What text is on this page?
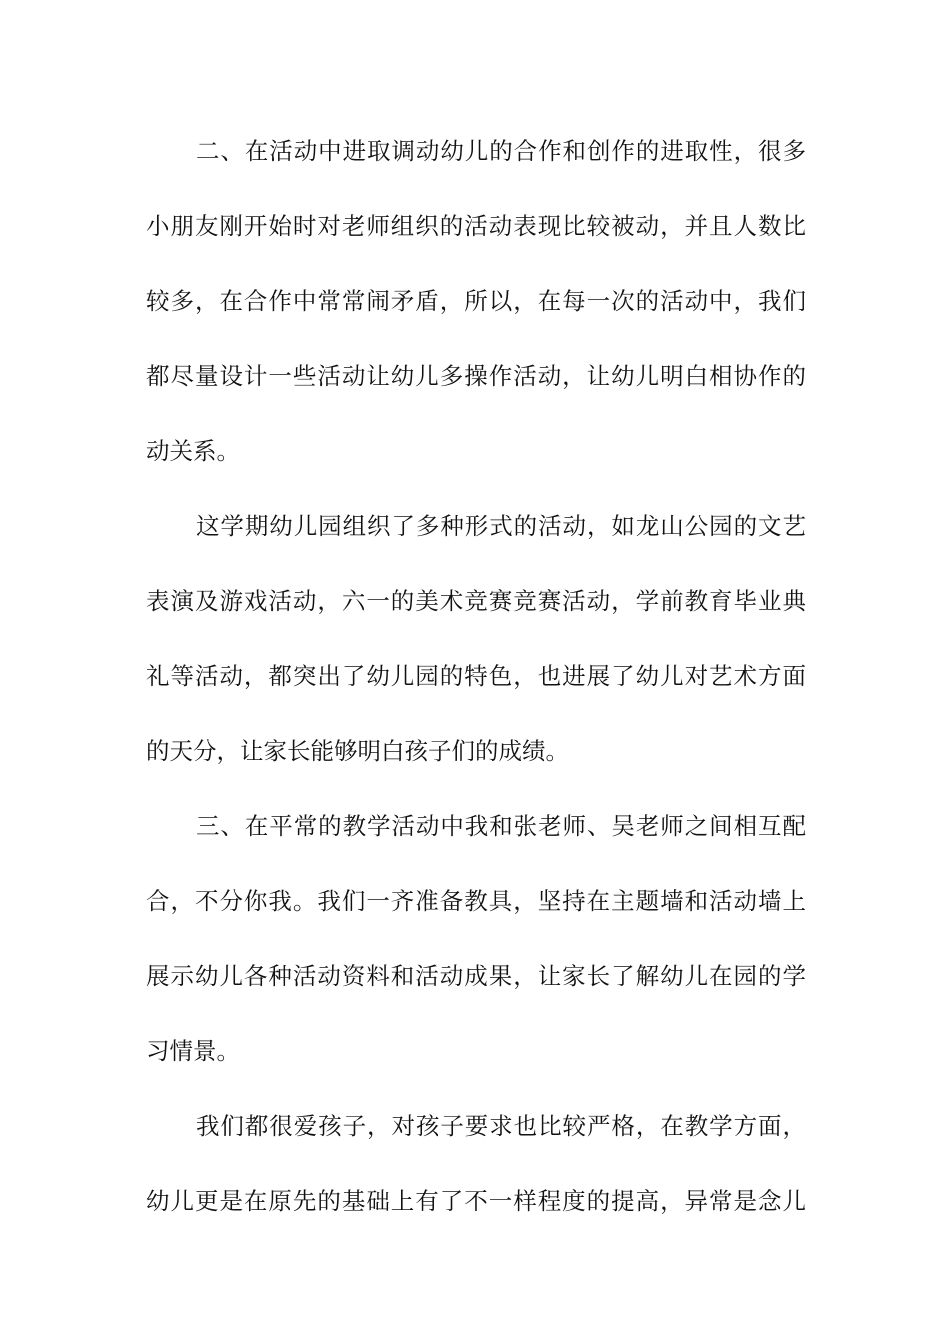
二、在活动中进取调动幼儿的合作和创作的进取性，很多
小朋友刚开始时对老师组织的活动表现比较被动，并且人数比
较多，在合作中常常闹矛盾，所以，在每一次的活动中，我们
都尽量设计一些活动让幼儿多操作活动，让幼儿明白相协作的
动关系。
这学期幼儿园组织了多种形式的活动，如龙山公园的文艺
表演及游戏活动，六一的美术竞赛竞赛活动，学前教育毕业典
礼等活动，都突出了幼儿园的特色，也进展了幼儿对艺术方面
的天分，让家长能够明白孩子们的成绩。
三、在平常的教学活动中我和张老师、吴老师之间相互配
合，不分你我。我们一齐准备教具，坚持在主题墙和活动墙上
展示幼儿各种活动资料和活动成果，让家长了解幼儿在园的学
习情景。
我们都很爱孩子，对孩子要求也比较严格，在教学方面，
幼儿更是在原先的基础上有了不一样程度的提高，异常是念儿
